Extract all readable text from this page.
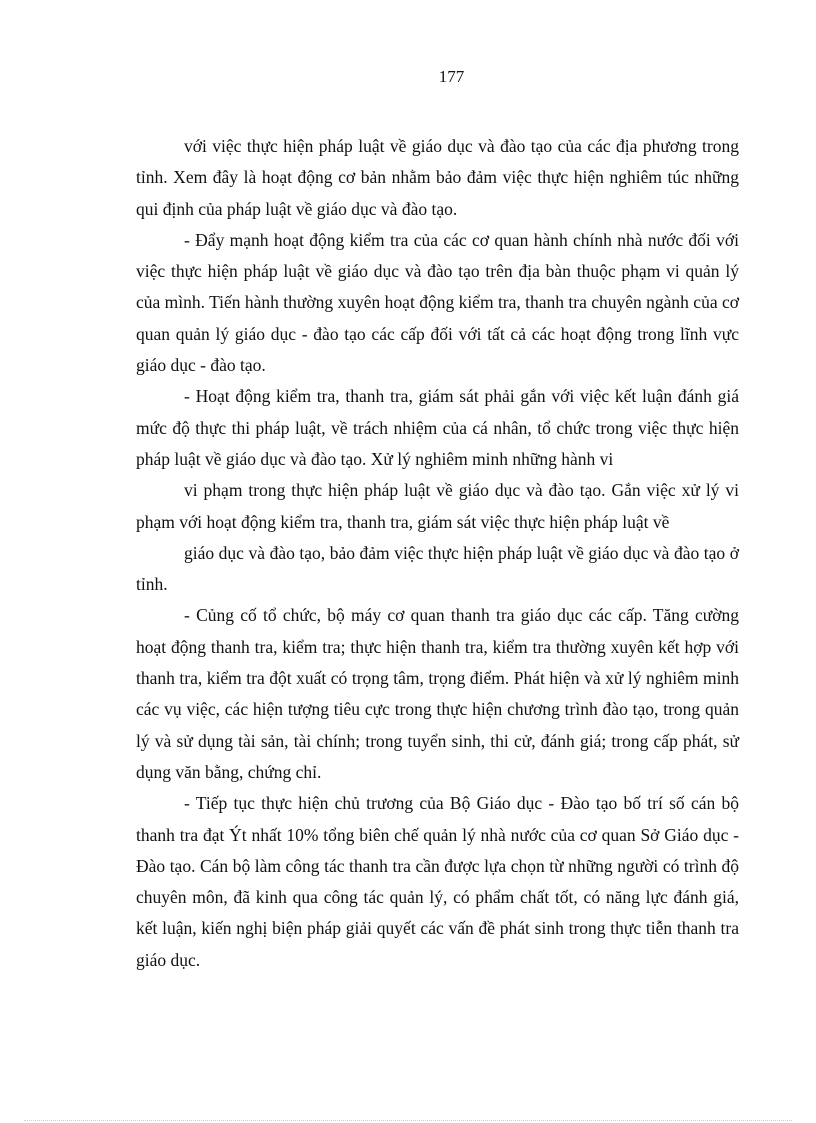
177

với việc thực hiện pháp luật về giáo dục và đào tạo của các địa phương trong tỉnh. Xem đây là hoạt động cơ bản nhằm bảo đảm việc thực hiện nghiêm túc những qui định của pháp luật về giáo dục và đào tạo.

- Đẩy mạnh hoạt động kiểm tra của các cơ quan hành chính nhà nước đối với việc thực hiện pháp luật về giáo dục và đào tạo trên địa bàn thuộc phạm vi quản lý của mình. Tiến hành thường xuyên hoạt động kiểm tra, thanh tra chuyên ngành của cơ quan quản lý giáo dục - đào tạo các cấp đối với tất cả các hoạt động trong lĩnh vực giáo dục - đào tạo.

- Hoạt động kiểm tra, thanh tra, giám sát phải gắn với việc kết luận đánh giá mức độ thực thi pháp luật, về trách nhiệm của cá nhân, tổ chức trong việc thực hiện pháp luật về giáo dục và đào tạo. Xử lý nghiêm minh những hành vi

vi phạm trong thực hiện pháp luật về giáo dục và đào tạo. Gắn việc xử lý vi phạm với hoạt động kiểm tra, thanh tra, giám sát việc thực hiện pháp luật về

giáo dục và đào tạo, bảo đảm việc thực hiện pháp luật về giáo dục và đào tạo ở tỉnh.

- Củng cố tổ chức, bộ máy cơ quan thanh tra giáo dục các cấp. Tăng cường hoạt động thanh tra, kiểm tra; thực hiện thanh tra, kiểm tra thường xuyên kết hợp với thanh tra, kiểm tra đột xuất có trọng tâm, trọng điểm. Phát hiện và xử lý nghiêm minh các vụ việc, các hiện tượng tiêu cực trong thực hiện chương trình đào tạo, trong quản lý và sử dụng tài sản, tài chính; trong tuyển sinh, thi cử, đánh giá; trong cấp phát, sử dụng văn bằng, chứng chỉ.

- Tiếp tục thực hiện chủ trương của Bộ Giáo dục - Đào tạo bố trí số cán bộ thanh tra đạt Ýt nhất 10% tổng biên chế quản lý nhà nước của cơ quan Sở Giáo dục - Đào tạo. Cán bộ làm công tác thanh tra cần được lựa chọn từ những người có trình độ chuyên môn, đã kinh qua công tác quản lý, có phẩm chất tốt, có năng lực đánh giá, kết luận, kiến nghị biện pháp giải quyết các vấn đề phát sinh trong thực tiễn thanh tra giáo dục.
